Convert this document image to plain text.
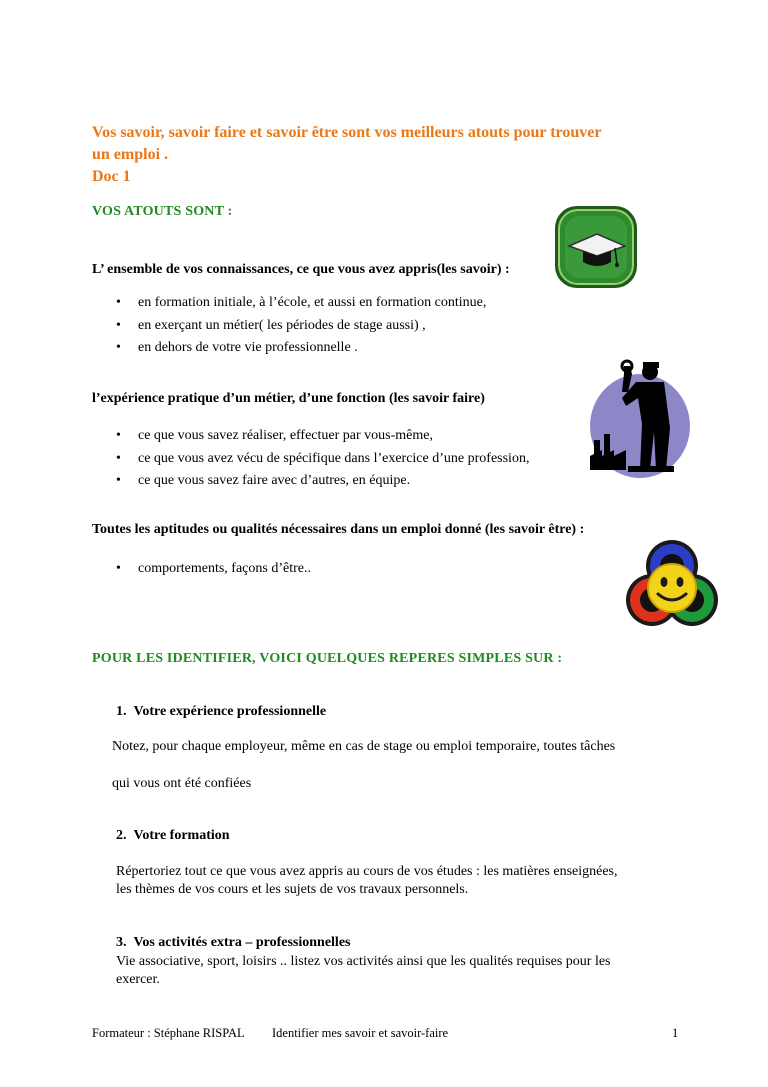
Vos savoir, savoir faire et savoir être sont vos meilleurs atouts pour trouver
un emploi .
Doc 1
VOS ATOUTS SONT :
L’ ensemble de vos connaissances, ce que vous avez appris(les savoir) :
• en formation initiale, à l’école, et aussi en formation continue,
• en exerçant un métier( les périodes de stage aussi) ,
• en dehors de votre vie professionnelle .
l’expérience pratique d’un métier, d’une fonction (les savoir faire)
• ce que vous savez réaliser, effectuer par vous-même,
• ce que vous avez vécu de spécifique dans l’exercice d’une profession,
• ce que vous savez faire avec d’autres, en équipe.
Toutes les aptitudes ou qualités nécessaires dans un emploi donné (les savoir être) :
• comportements, façons d’être..
POUR LES IDENTIFIER, VOICI QUELQUES REPERES SIMPLES SUR :
1. Votre expérience professionnelle
Notez, pour chaque employeur, même en cas de stage ou emploi temporaire, toutes tâches
qui vous ont été confiées
2. Votre formation
Répertoriez tout ce que vous avez appris au cours de vos études : les matières enseignées,
les thèmes de vos cours et les sujets de vos travaux personnels.
3. Vos activités extra – professionnelles
Vie associative, sport, loisirs .. listez vos activités ainsi que les qualités requises pour les
exercer.
Formateur : Stéphane RISPAL Identifier mes savoir et savoir-faire	1
